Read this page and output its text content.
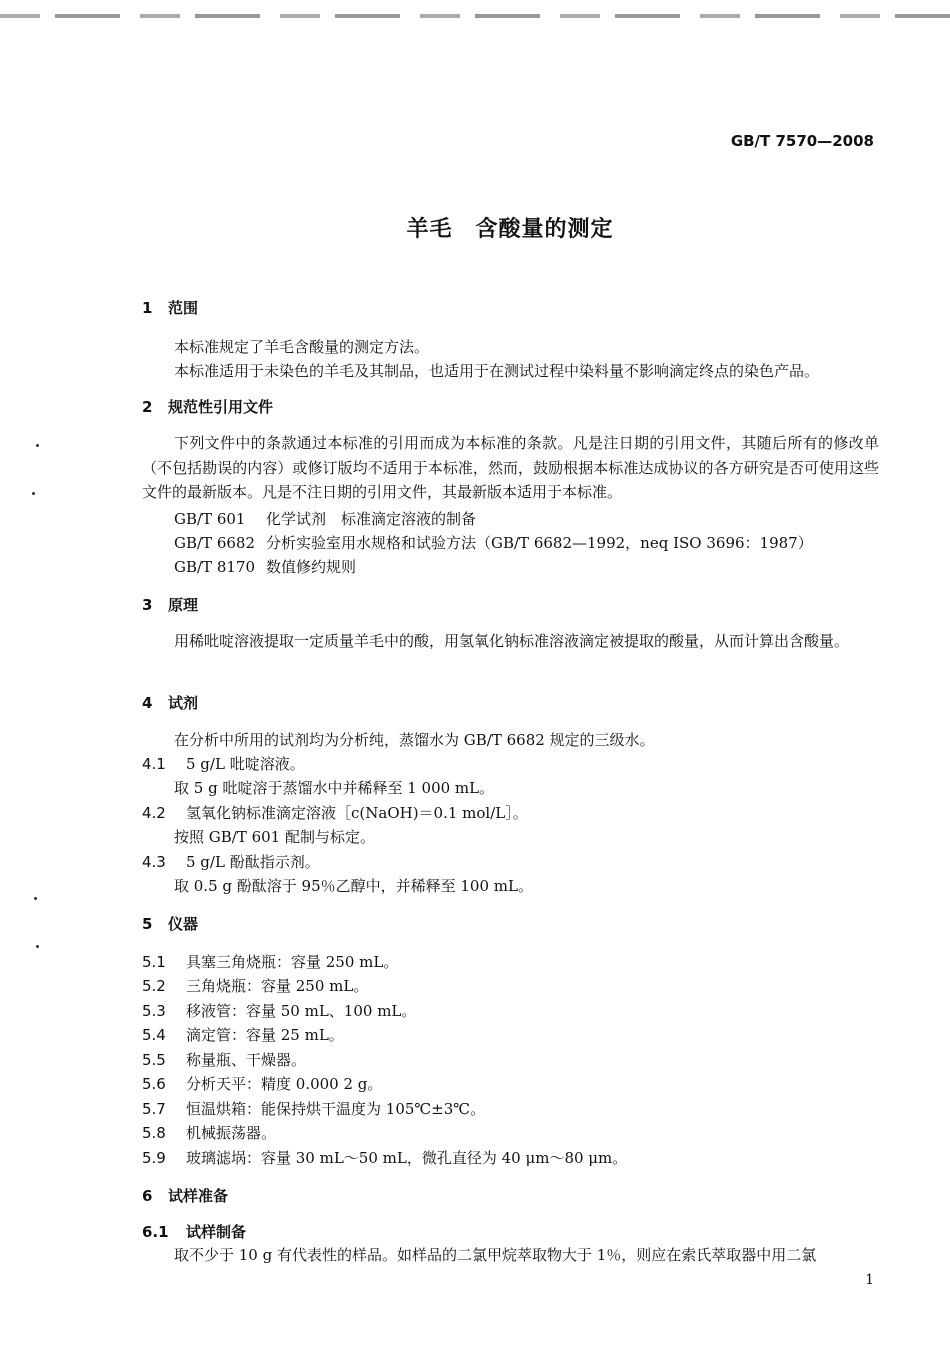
GB/T 7570—2008
羊毛　含酸量的测定
1 范围
本标准规定了羊毛含酸量的测定方法。
本标准适用于未染色的羊毛及其制品，也适用于在测试过程中染料量不影响滴定终点的染色产品。
2 规范性引用文件
下列文件中的条款通过本标准的引用而成为本标准的条款。凡是注日期的引用文件，其随后所有的修改单（不包括勘误的内容）或修订版均不适用于本标准，然而，鼓励根据本标准达成协议的各方研究是否可使用这些文件的最新版本。凡是不注日期的引用文件，其最新版本适用于本标准。
GB/T 601 化学试剂　标准滴定溶液的制备
GB/T 6682 分析实验室用水规格和试验方法（GB/T 6682—1992，neq ISO 3696：1987）
GB/T 8170 数值修约规则
3 原理
用稀吡啶溶液提取一定质量羊毛中的酸，用氢氧化钠标准溶液滴定被提取的酸量，从而计算出含酸量。
4 试剂
在分析中所用的试剂均为分析纯，蒸馏水为 GB/T 6682 规定的三级水。
4.1 5 g/L 吡啶溶液。
取 5 g 吡啶溶于蒸馏水中并稀释至 1 000 mL。
4.2 氢氧化钠标准滴定溶液［c(NaOH)＝0.1 mol/L］。
按照 GB/T 601 配制与标定。
4.3 5 g/L 酚酞指示剂。
取 0.5 g 酚酞溶于 95％乙醇中，并稀释至 100 mL。
5 仪器
5.1 具塞三角烧瓶：容量 250 mL。
5.2 三角烧瓶：容量 250 mL。
5.3 移液管：容量 50 mL、100 mL。
5.4 滴定管：容量 25 mL。
5.5 称量瓶、干燥器。
5.6 分析天平：精度 0.000 2 g。
5.7 恒温烘箱：能保持烘干温度为 105℃±3℃。
5.8 机械振荡器。
5.9 玻璃滤埚：容量 30 mL～50 mL，微孔直径为 40 μm～80 μm。
6 试样准备
6.1 试样制备
取不少于 10 g 有代表性的样品。如样品的二氯甲烷萃取物大于 1％，则应在索氏萃取器中用二氯
1
